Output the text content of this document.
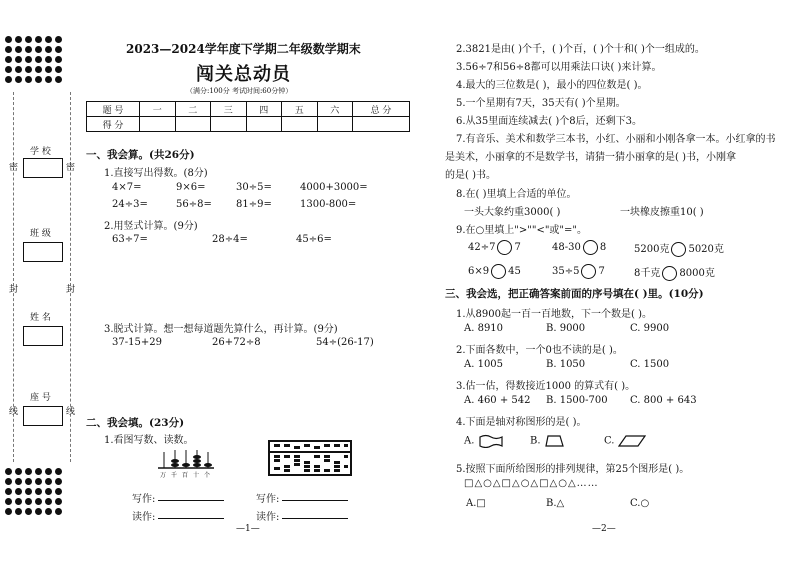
密	密
封	封
线	线
学 校
班 级
姓 名
座 号
2023—2024学年度下学期二年级数学期末
闯关总动员
（满分:100分 考试时间:60分钟）
题 号	一	二	三	四	五	六	总 分
得 分							
一、我会算。(共26分)
1.直接写出得数。(8分)
4×7=	9×6=	30÷5=	4000+3000=
24÷3=	56÷8= 81÷9=	1300-800=
2.用竖式计算。(9分)
63÷7=	28÷4=	45÷6=
3.脱式计算。想一想每道题先算什么，再计算。(9分)
37-15+29	26+72÷8	54÷(26-17)
二、我会填。(23分)
1.看图写数、读数。
万 千 百 十 个
写作:
读作:
写作:
读作:
—1—
2.3821是由( )个千，( )个百，( )个十和( )个一组成的。
3.56÷7和56÷8都可以用乘法口诀( )来计算。
4.最大的三位数是( )，最小的四位数是( )。
5.一个星期有7天，35天有( )个星期。
6.从35里面连续减去( )个8后，还剩下3。
7.有音乐、美术和数学三本书，小红、小丽和小刚各拿一本。小红拿的书
是美术，小丽拿的不是数学书，请猜一猜小丽拿的是( )书，小刚拿
的是( )书。
8.在( )里填上合适的单位。
一头大象约重3000( )	一块橡皮擦重10( )
9.在○里填上">""<"或"="。
42÷7 7	48-30 8	5200克 5020克
6×9 45	35÷5 7	8千克 8000克
三、我会选，把正确答案前面的序号填在( )里。(10分)
1.从8900起一百一百地数，下一个数是( )。
A. 8910	B. 9000	C. 9900
2.下面各数中，一个0也不读的是( )。
A. 1005	B. 1050	C. 1500
3.估一估，得数接近1000 的算式有( )。
A. 460 + 542 B. 1500-700 C. 800 + 643
4.下面是轴对称图形的是( )。
A.	B.	C.
5.按照下面所给图形的排列规律，第25个图形是( )。
□△○△□△○△□△○△……
A.□	B.△	C.○
—2—
